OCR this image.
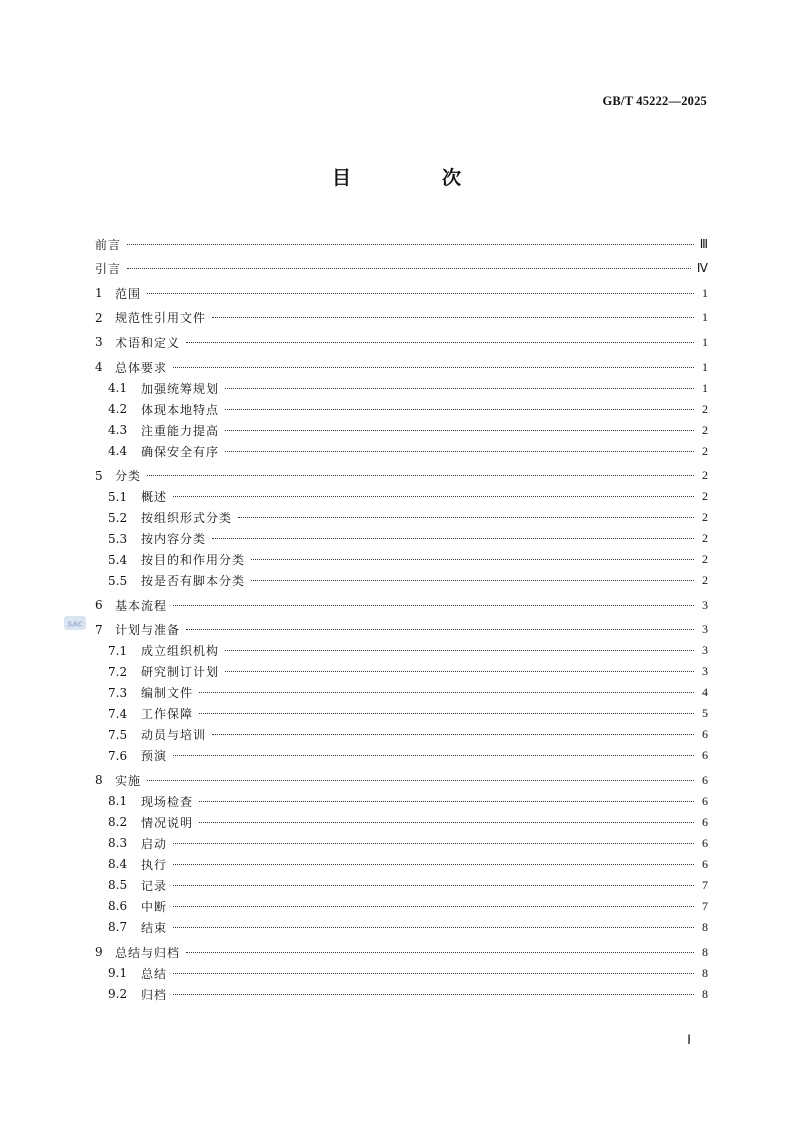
GB/T 45222—2025
目　次
SAC
前言	Ⅲ
引言	Ⅳ
1	范围	1
2	规范性引用文件	1
3	术语和定义	1
4	总体要求	1
4.1	加强统筹规划	1
4.2	体现本地特点	2
4.3	注重能力提高	2
4.4	确保安全有序	2
5	分类	2
5.1	概述	2
5.2	按组织形式分类	2
5.3	按内容分类	2
5.4	按目的和作用分类	2
5.5	按是否有脚本分类	2
6	基本流程	3
7	计划与准备	3
7.1	成立组织机构	3
7.2	研究制订计划	3
7.3	编制文件	4
7.4	工作保障	5
7.5	动员与培训	6
7.6	预演	6
8	实施	6
8.1	现场检查	6
8.2	情况说明	6
8.3	启动	6
8.4	执行	6
8.5	记录	7
8.6	中断	7
8.7	结束	8
9	总结与归档	8
9.1	总结	8
9.2	归档	8
Ⅰ
